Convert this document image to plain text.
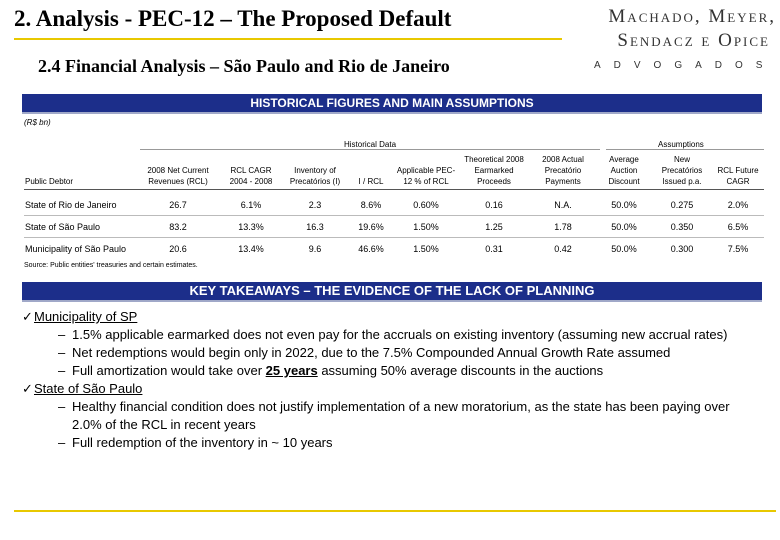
2. Analysis - PEC-12 – The Proposed Default
2.4 Financial Analysis – São Paulo and Rio de Janeiro
Machado, Meyer,
Sendacz e Opice
ADVOGADOS
HISTORICAL FIGURES AND MAIN ASSUMPTIONS
(R$ bn)
Historical Data	Assumptions
Public Debtor	2008 Net Current Revenues (RCL)	RCL CAGR 2004 - 2008	Inventory of Precatórios (I)	I / RCL	Applicable PEC-12 % of RCL	Theoretical 2008 Earmarked Proceeds	2008 Actual Precatório Payments	Average Auction Discount	New Precatórios Issued p.a.	RCL Future CAGR
State of Rio de Janeiro	26.7	6.1%	2.3	8.6%	0.60%	0.16	N.A.	50.0%	0.275	2.0%
State of São Paulo	83.2	13.3%	16.3	19.6%	1.50%	1.25	1.78	50.0%	0.350	6.5%
Municipality of São Paulo	20.6	13.4%	9.6	46.6%	1.50%	0.31	0.42	50.0%	0.300	7.5%
Source: Public entities' treasuries and certain estimates.
KEY TAKEAWAYS – THE EVIDENCE OF THE LACK OF PLANNING
✓ Municipality of SP
– 1.5% applicable earmarked does not even pay for the accruals on existing inventory (assuming new accrual rates)
– Net redemptions would begin only in 2022, due to the 7.5% Compounded Annual Growth Rate assumed
– Full amortization would take over 25 years assuming 50% average discounts in the auctions
✓ State of São Paulo
– Healthy financial condition does not justify implementation of a new moratorium, as the state has been paying over 2.0% of the RCL in recent years
– Full redemption of the inventory in ~ 10 years
